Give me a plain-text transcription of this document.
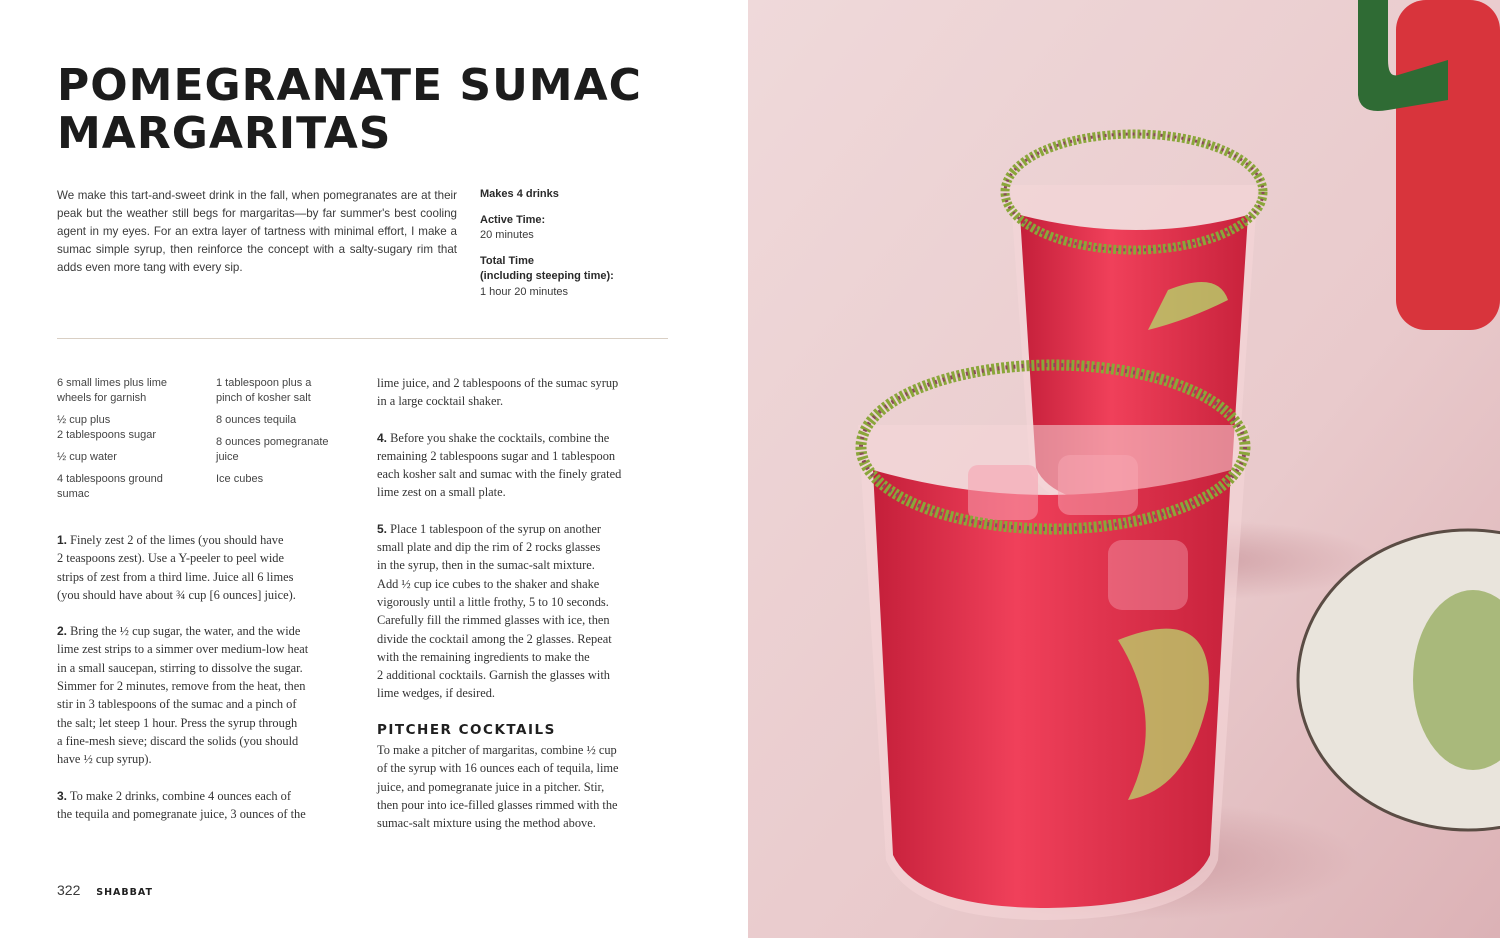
POMEGRANATE SUMAC
MARGARITAS

We make this tart-and-sweet drink in the fall, when pomegranates are at their peak but the weather still begs for margaritas—by far summer's best cooling agent in my eyes. For an extra layer of tartness with minimal effort, I make a sumac simple syrup, then reinforce the concept with a salty-sugary rim that adds even more tang with every sip.

Makes 4 drinks
Active Time:
20 minutes
Total Time
(including steeping time):
1 hour 20 minutes
6 small limes plus lime
wheels for garnish
½ cup plus
2 tablespoons sugar
½ cup water
4 tablespoons ground
sumac
1 tablespoon plus a
pinch of kosher salt
8 ounces tequila
8 ounces pomegranate
juice
Ice cubes

1. Finely zest 2 of the limes (you should have
2 teaspoons zest). Use a Y-peeler to peel wide
strips of zest from a third lime. Juice all 6 limes
(you should have about ¾ cup [6 ounces] juice).

2. Bring the ½ cup sugar, the water, and the wide
lime zest strips to a simmer over medium-low heat
in a small saucepan, stirring to dissolve the sugar.
Simmer for 2 minutes, remove from the heat, then
stir in 3 tablespoons of the sumac and a pinch of
the salt; let steep 1 hour. Press the syrup through
a fine-mesh sieve; discard the solids (you should
have ½ cup syrup).

3. To make 2 drinks, combine 4 ounces each of
the tequila and pomegranate juice, 3 ounces of the

lime juice, and 2 tablespoons of the sumac syrup
in a large cocktail shaker.

4. Before you shake the cocktails, combine the
remaining 2 tablespoons sugar and 1 tablespoon
each kosher salt and sumac with the finely grated
lime zest on a small plate.

5. Place 1 tablespoon of the syrup on another
small plate and dip the rim of 2 rocks glasses
in the syrup, then in the sumac-salt mixture.
Add ½ cup ice cubes to the shaker and shake
vigorously until a little frothy, 5 to 10 seconds.
Carefully fill the rimmed glasses with ice, then
divide the cocktail among the 2 glasses. Repeat
with the remaining ingredients to make the
2 additional cocktails. Garnish the glasses with
lime wedges, if desired.

PITCHER COCKTAILS

To make a pitcher of margaritas, combine ½ cup
of the syrup with 16 ounces each of tequila, lime
juice, and pomegranate juice in a pitcher. Stir,
then pour into ice-filled glasses rimmed with the
sumac-salt mixture using the method above.

322 SHABBAT
